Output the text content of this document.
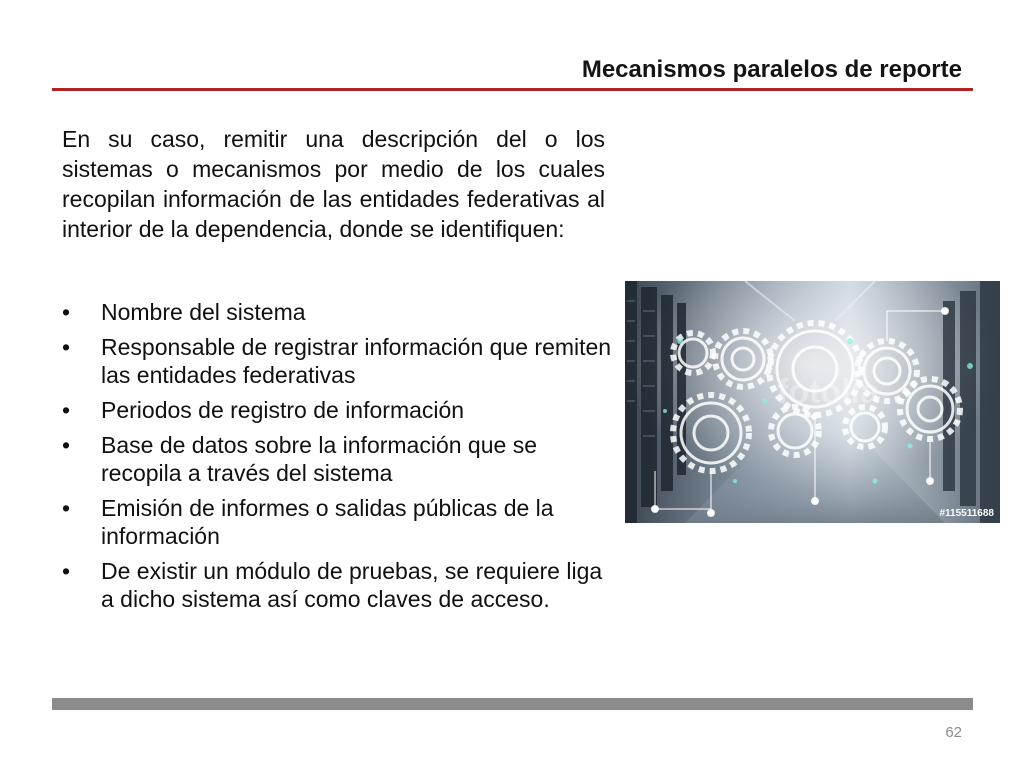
Mecanismos paralelos de reporte

En su caso, remitir una descripción del o los sistemas o mecanismos por medio de los cuales recopilan información de las entidades federativas al interior de la dependencia, donde se identifiquen:

•	Nombre del sistema
•	Responsable de registrar información que remiten las entidades federativas
•	Periodos de registro de información
•	Base de datos sobre la información que se recopila a través del sistema
•	Emisión de informes o salidas públicas de la información
•	De existir un módulo de pruebas, se requiere liga a dicho sistema así como claves de acceso.
fotolia
#115511688
62
